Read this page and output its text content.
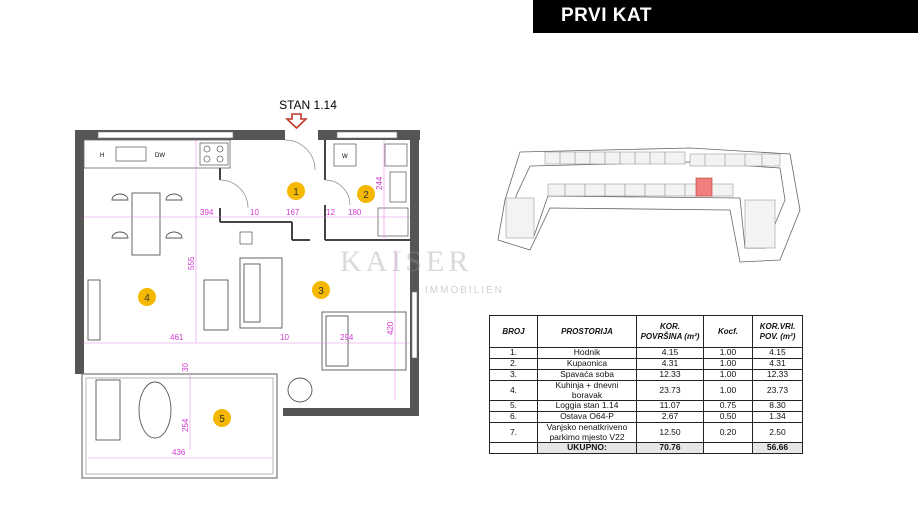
PRVI KAT
STAN 1.14
H	DW	W
394	10	167	12 180
244
555
461	10	294
420
30
254
436
1	2
3
4
5
KAISER
IMMOBILIEN
BROJ	PROSTORIJA	KOR. POVRŠINA (m²)	Kocf.	KOR.VRI. POV. (m²)
1.	Hodnik	4.15	1.00	4.15
2.	Kupaonica	4.31	1.00	4.31
3.	Spavaća soba	12.33	1.00	12.33
4.	Kuhinja + dnevni boravak	23.73	1.00	23.73
5.	Loggia stan 1.14	11.07	0.75	8.30
6.	Ostava O64-P	2.67	0.50	1.34
7.	Vanjsko nenatkriveno parkimo mjesto V22	12.50	0.20	2.50
	UKUPNO:	70.76		56.66
